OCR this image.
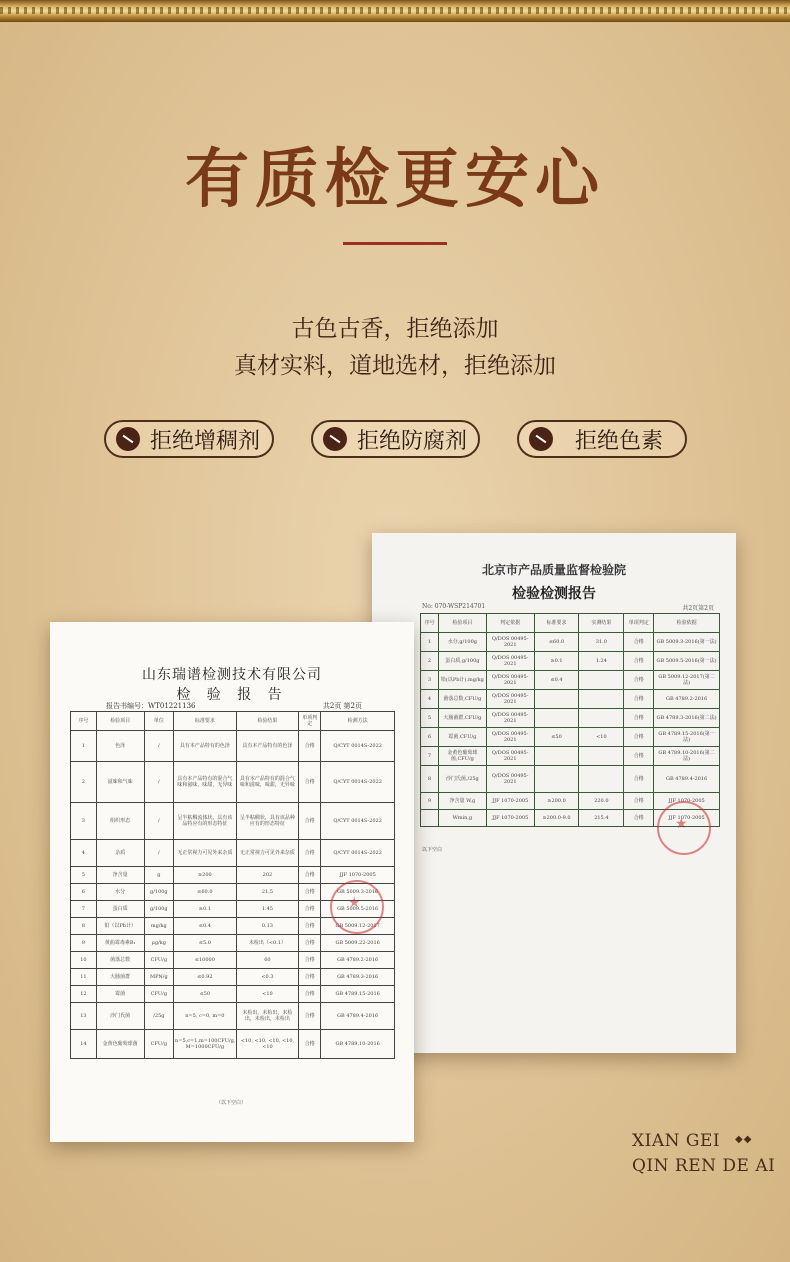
有质检更安心
古色古香，拒绝添加
真材实料，道地选材，拒绝添加
拒绝增稠剂	拒绝防腐剂	拒绝色素
北京市产品质量监督检验院
检验检测报告
No: 070-WSP214701	共2页第2页
序号	检验项目	判定依据	标准要求	实测结果	单项判定	检验依据
1	水分,g/100g	Q/DOS 00495-2021	≤60.0	31.0	合格	GB 5009.3-2016(第一法)
2	蛋白质,g/100g	Q/DOS 00495-2021	≥0.1	1.24	合格	GB 5009.5-2016(第一法)
3	铅(以Pb计),mg/kg	Q/DOS 00495-2021	≤0.4		合格	GB 5009.12-2017(第二法)
4	菌落总数,CFU/g	Q/DOS 00495-2021			合格	GB 4789.2-2016
5	大肠菌群,CFU/g	Q/DOS 00495-2021			合格	GB 4789.3-2016(第二法)
6	霉菌,CFU/g	Q/DOS 00495-2021	≤50	<10	合格	GB 4789.15-2016(第一法)
7	金黄色葡萄球菌,CFU/g	Q/DOS 00495-2021			合格	GB 4789.10-2016(第二法)
8	沙门氏菌,/25g	Q/DOS 00495-2021			合格	GB 4789.4-2016
9	净含量 W,g	JJF 1070-2005	≥200.0	220.0	合格	JJF 1070-2005
	Wmin,g	JJF 1070-2005	≥200.0-9.0	215.4	合格	JJF 1070-2005
以下空白
★
山东瑞谱检测技术有限公司
检 验 报 告
报告书编号：WT01221136	共2页 第2页
序号	检验项目	单位	标准要求	检验结果	单项判定	检测方法
1	色泽	/	具有本产品特有的色泽	具有本产品特有的色泽	合格	Q/CYT 0014S-2022
2	滋味和气味	/	具有本产品特有的混合气味和滋味，味甜，无异味	具有本产品特有的混合气味和滋味，味甜，无异味	合格	Q/CYT 0014S-2022
3	组织形态	/	呈半粘稠流体状，具有该品特应有的形态特征	呈半粘稠状，具有该品种应有的形态特征	合格	Q/CYT 0014S-2022
4	杂质	/	无正常视力可见外来杂质	无正常视力可见外来杂质	合格	Q/CYT 0014S-2022
5	净含量	g	≥200	202	合格	JJF 1070-2005
6	水分	g/100g	≤60.0	21.5	合格	GB 5009.3-2016
7	蛋白质	g/100g	≥0.1	1.45	合格	GB 5009.5-2016
8	铅（以Pb计）	mg/kg	≤0.4	0.13	合格	GB 5009.12-2017
9	黄曲霉毒素B₁	μg/kg	≤5.0	未检出（<0.1）	合格	GB 5009.22-2016
10	菌落总数	CFU/g	≤10000	60	合格	GB 4789.2-2016
11	大肠菌群	MPN/g	≤0.92	<0.3	合格	GB 4789.3-2016
12	霉菌	CFU/g	≤50	<10	合格	GB 4789.15-2016
13	沙门氏菌	/25g	n=5, c=0, m=0	未检出，未检出，未检出，未检出，未检出	合格	GB 4789.4-2016
14	金黄色葡萄球菌	CFU/g	n=5,c=1,m=100CFU/g, M=1000CFU/g	<10, <10, <10, <10, <10	合格	GB 4789.10-2016
（以下空白）
★
XIAN GEI ◆◆
QIN REN DE AI
